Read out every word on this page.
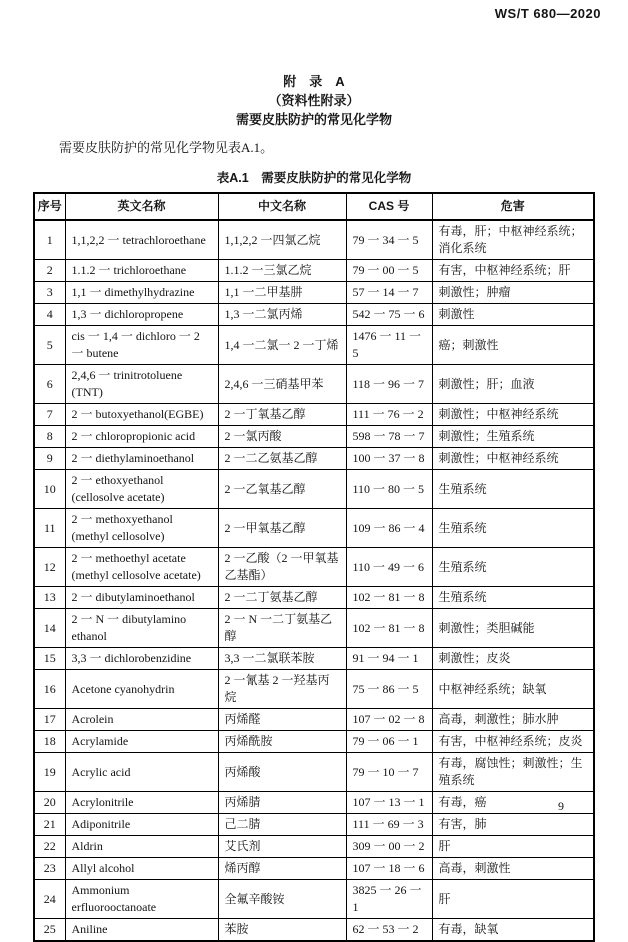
WS/T 680—2020
附　录　A
（资料性附录）
需要皮肤防护的常见化学物

需要皮肤防护的常见化学物见表A.1。

表A.1　需要皮肤防护的常见化学物
序号	英文名称	中文名称	CAS 号	危害
1	1,1,2,2 一 tetrachloroethane	1,1,2,2 一四氯乙烷	79 一 34 一 5	有毒，肝；中枢神经系统；消化系统
2	1.1.2 一 trichloroethane	1.1.2 一三氯乙烷	79 一 00 一 5	有害，中枢神经系统；肝
3	1,1 一 dimethylhydrazine	1,1 一二甲基肼	57 一 14 一 7	刺激性；肿瘤
4	1,3 一 dichloropropene	1,3 一二氯丙烯	542 一 75 一 6	刺激性
5	cis 一 1,4 一 dichloro 一 2 一 butene	1,4 一二氯一 2 一丁烯	1476 一 11 一 5	癌；刺激性
6	2,4,6 一 trinitrotoluene (TNT)	2,4,6 一三硝基甲苯	118 一 96 一 7	刺激性；肝；血液
7	2 一 butoxyethanol(EGBE)	2 一丁氧基乙醇	111 一 76 一 2	刺激性；中枢神经系统
8	2 一 chloropropionic acid	2 一氯丙酸	598 一 78 一 7	刺激性；生殖系统
9	2 一 diethylaminoethanol	2 一二乙氨基乙醇	100 一 37 一 8	刺激性；中枢神经系统
10	2 一 ethoxyethanol (cellosolve acetate)	2 一乙氧基乙醇	110 一 80 一 5	生殖系统
11	2 一 methoxyethanol (methyl cellosolve)	2 一甲氧基乙醇	109 一 86 一 4	生殖系统
12	2 一 methoethyl acetate (methyl cellosolve acetate)	2 一乙酸（2 一甲氧基乙基酯）	110 一 49 一 6	生殖系统
13	2 一 dibutylaminoethanol	2 一二丁氨基乙醇	102 一 81 一 8	生殖系统
14	2 一 N 一 dibutylamino ethanol	2 一 N 一二丁氨基乙醇	102 一 81 一 8	刺激性；类胆碱能
15	3,3 一 dichlorobenzidine	3,3 一二氯联苯胺	91 一 94 一 1	刺激性；皮炎
16	Acetone cyanohydrin	2 一氰基 2 一羟基丙烷	75 一 86 一 5	中枢神经系统；缺氧
17	Acrolein	丙烯醛	107 一 02 一 8	高毒，刺激性；肺水肿
18	Acrylamide	丙烯酰胺	79 一 06 一 1	有害，中枢神经系统；皮炎
19	Acrylic acid	丙烯酸	79 一 10 一 7	有毒，腐蚀性；刺激性；生殖系统
20	Acrylonitrile	丙烯腈	107 一 13 一 1	有毒，癌
21	Adiponitrile	己二腈	111 一 69 一 3	有害，肺
22	Aldrin	艾氏剂	309 一 00 一 2	肝
23	Allyl alcohol	烯丙醇	107 一 18 一 6	高毒，刺激性
24	Ammonium erfluorooctanoate	全氟辛酸铵	3825 一 26 一 1	肝
25	Aniline	苯胺	62 一 53 一 2	有毒，缺氧
9
